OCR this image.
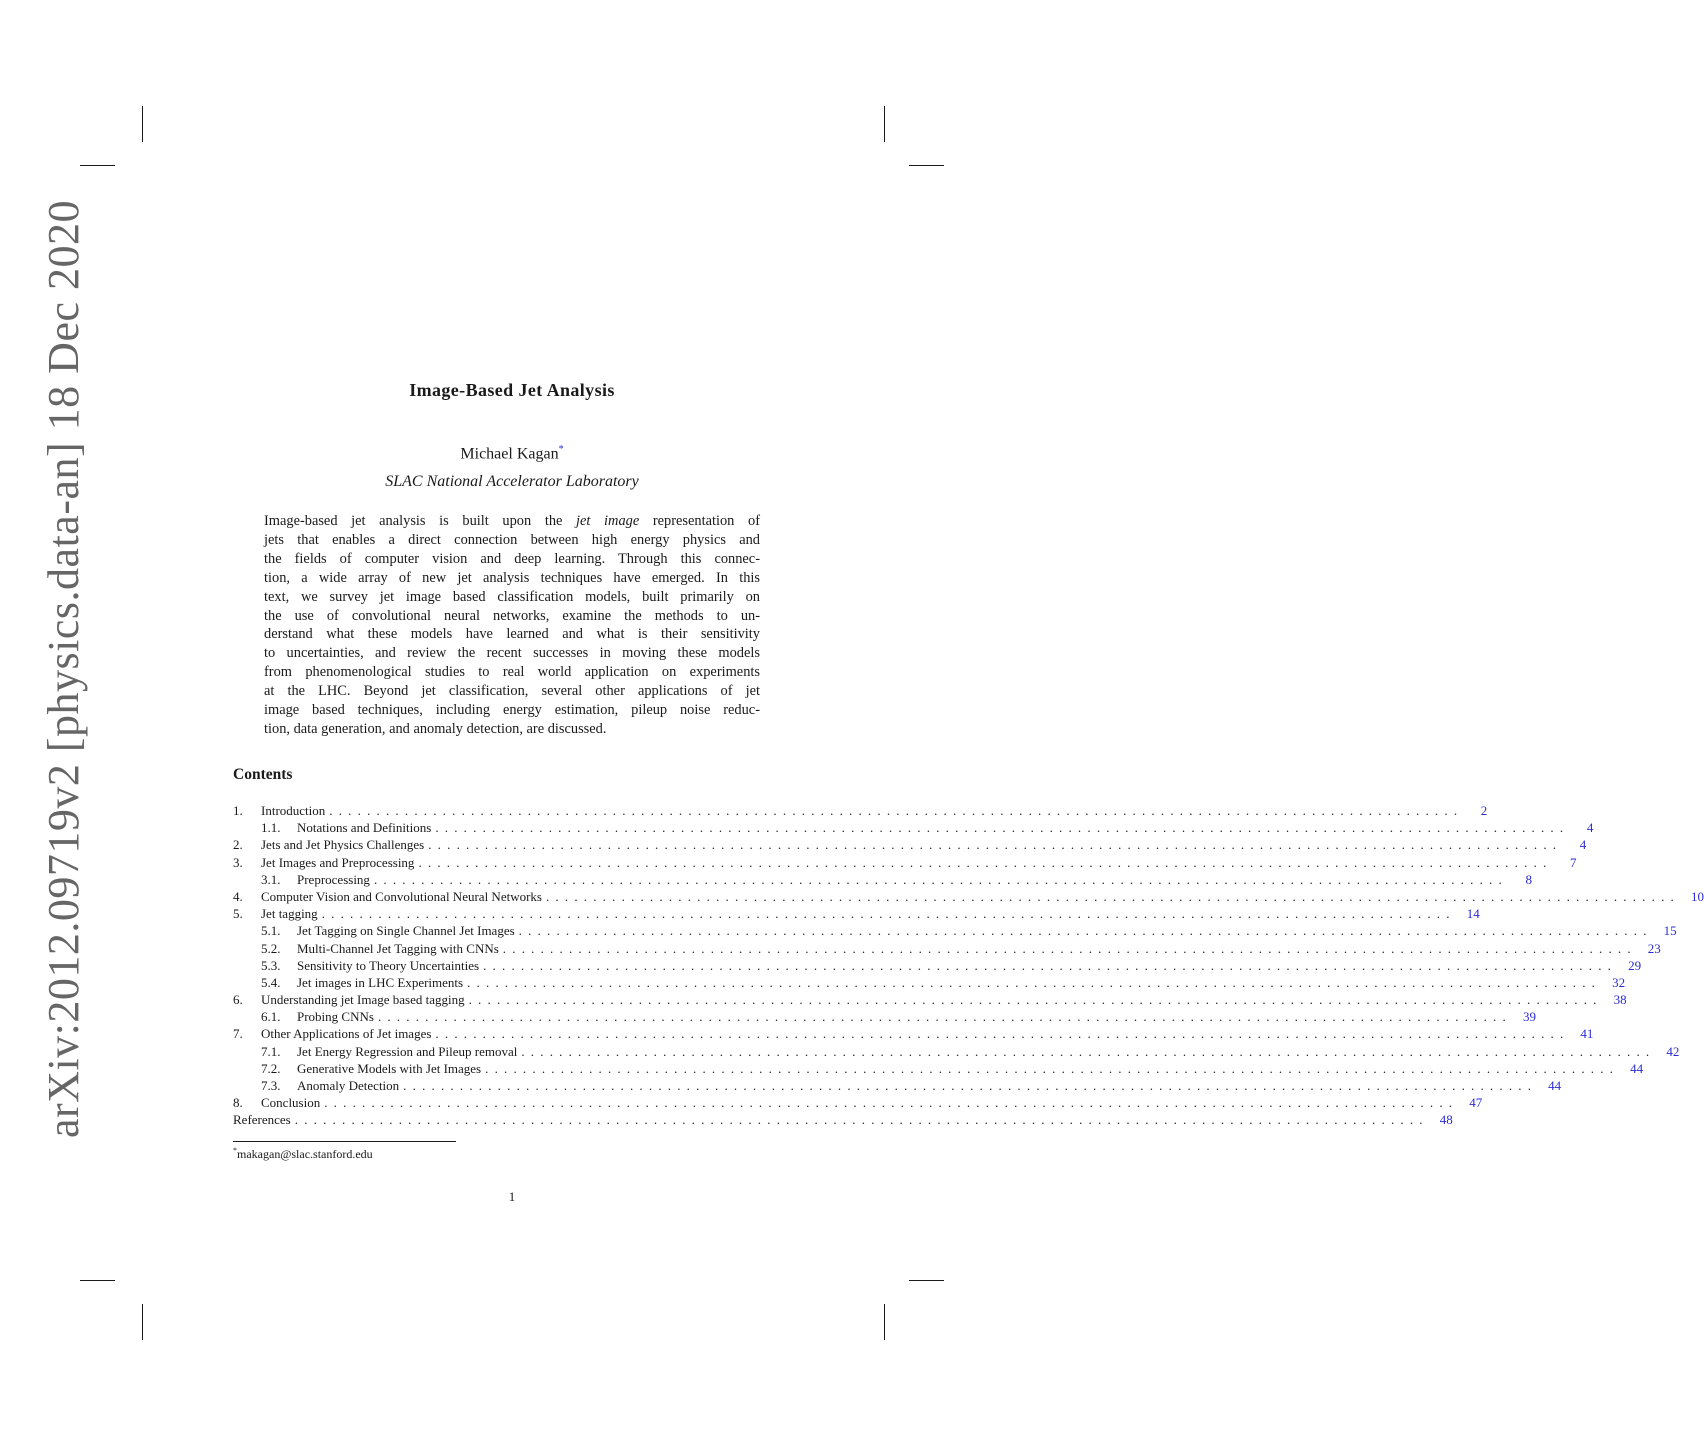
arXiv:2012.09719v2 [physics.data-an] 18 Dec 2020	Image-Based Jet Analysis
Michael Kagan*
SLAC National Accelerator Laboratory
Image-based jet analysis is built upon the jet image representation of
jets that enables a direct connection between high energy physics and
the fields of computer vision and deep learning. Through this connec-
tion, a wide array of new jet analysis techniques have emerged. In this
text, we survey jet image based classification models, built primarily on
the use of convolutional neural networks, examine the methods to un-
derstand what these models have learned and what is their sensitivity
to uncertainties, and review the recent successes in moving these models
from phenomenological studies to real world application on experiments
at the LHC. Beyond jet classification, several other applications of jet
image based techniques, including energy estimation, pileup noise reduc-
tion, data generation, and anomaly detection, are discussed.
Contents
1.	Introduction ........................................................................................................................	2
1.1.	Notations and Definitions ........................................................................................................................	4
2.	Jets and Jet Physics Challenges ........................................................................................................................	4
3.	Jet Images and Preprocessing ........................................................................................................................	7
3.1.	Preprocessing ........................................................................................................................	8
4.	Computer Vision and Convolutional Neural Networks ........................................................................................................................ 10
5.	Jet tagging ........................................................................................................................ 14
5.1.	Jet Tagging on Single Channel Jet Images ........................................................................................................................ 15
5.2.	Multi-Channel Jet Tagging with CNNs ........................................................................................................................ 23
5.3.	Sensitivity to Theory Uncertainties ........................................................................................................................ 29
5.4.	Jet images in LHC Experiments ........................................................................................................................ 32
6.	Understanding jet Image based tagging ........................................................................................................................ 38
6.1.	Probing CNNs ........................................................................................................................ 39
7.	Other Applications of Jet images ........................................................................................................................ 41
7.1.	Jet Energy Regression and Pileup removal ........................................................................................................................ 42
7.2.	Generative Models with Jet Images ........................................................................................................................ 44
7.3.	Anomaly Detection ........................................................................................................................ 44
8.	Conclusion ........................................................................................................................ 47
References ........................................................................................................................ 48
*makagan@slac.stanford.edu
1
